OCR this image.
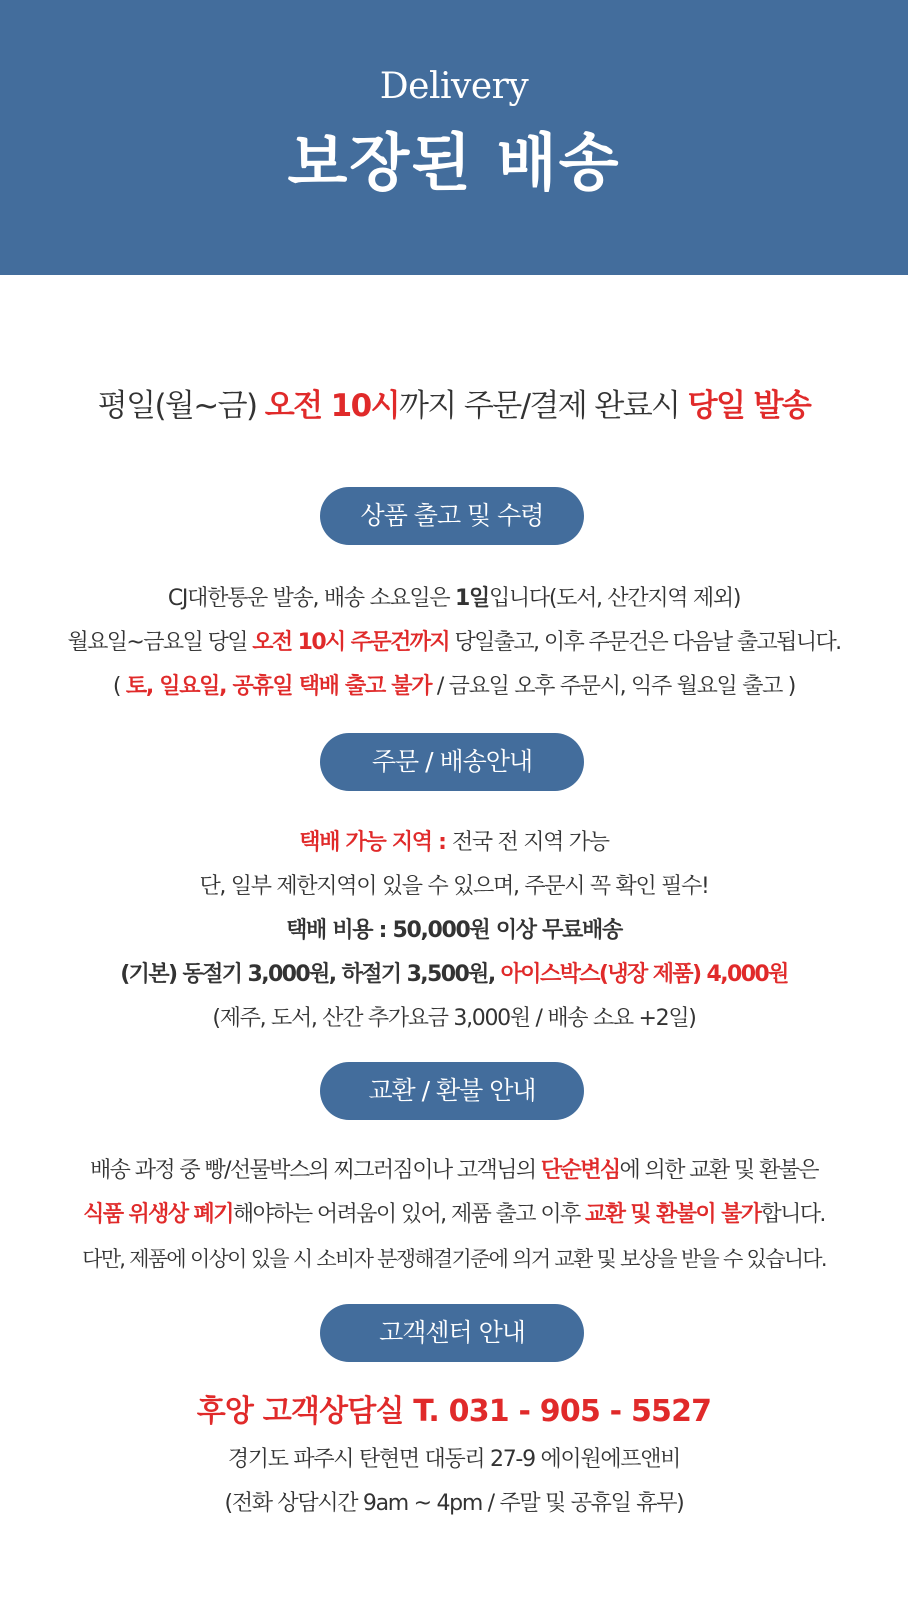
Delivery
보장된 배송
평일(월~금) 오전 10시까지 주문/결제 완료시 당일 발송
상품 출고 및 수령
CJ대한통운 발송, 배송 소요일은 1일입니다(도서, 산간지역 제외)
월요일~금요일 당일 오전 10시 주문건까지 당일출고, 이후 주문건은 다음날 출고됩니다.
( 토, 일요일, 공휴일 택배 출고 불가 / 금요일 오후 주문시, 익주 월요일 출고 )
주문 / 배송안내
택배 가능 지역 : 전국 전 지역 가능
단, 일부 제한지역이 있을 수 있으며, 주문시 꼭 확인 필수!
택배 비용 : 50,000원 이상 무료배송
(기본) 동절기 3,000원, 하절기 3,500원, 아이스박스(냉장 제품) 4,000원
(제주, 도서, 산간 추가요금 3,000원 / 배송 소요 +2일)
교환 / 환불 안내
배송 과정 중 빵/선물박스의 찌그러짐이나 고객님의 단순변심에 의한 교환 및 환불은
식품 위생상 폐기해야하는 어려움이 있어, 제품 출고 이후 교환 및 환불이 불가합니다.
다만, 제품에 이상이 있을 시 소비자 분쟁해결기준에 의거 교환 및 보상을 받을 수 있습니다.
고객센터 안내
후앙 고객상담실 T. 031 - 905 - 5527
경기도 파주시 탄현면 대동리 27-9 에이원에프앤비
(전화 상담시간 9am ~ 4pm / 주말 및 공휴일 휴무)
